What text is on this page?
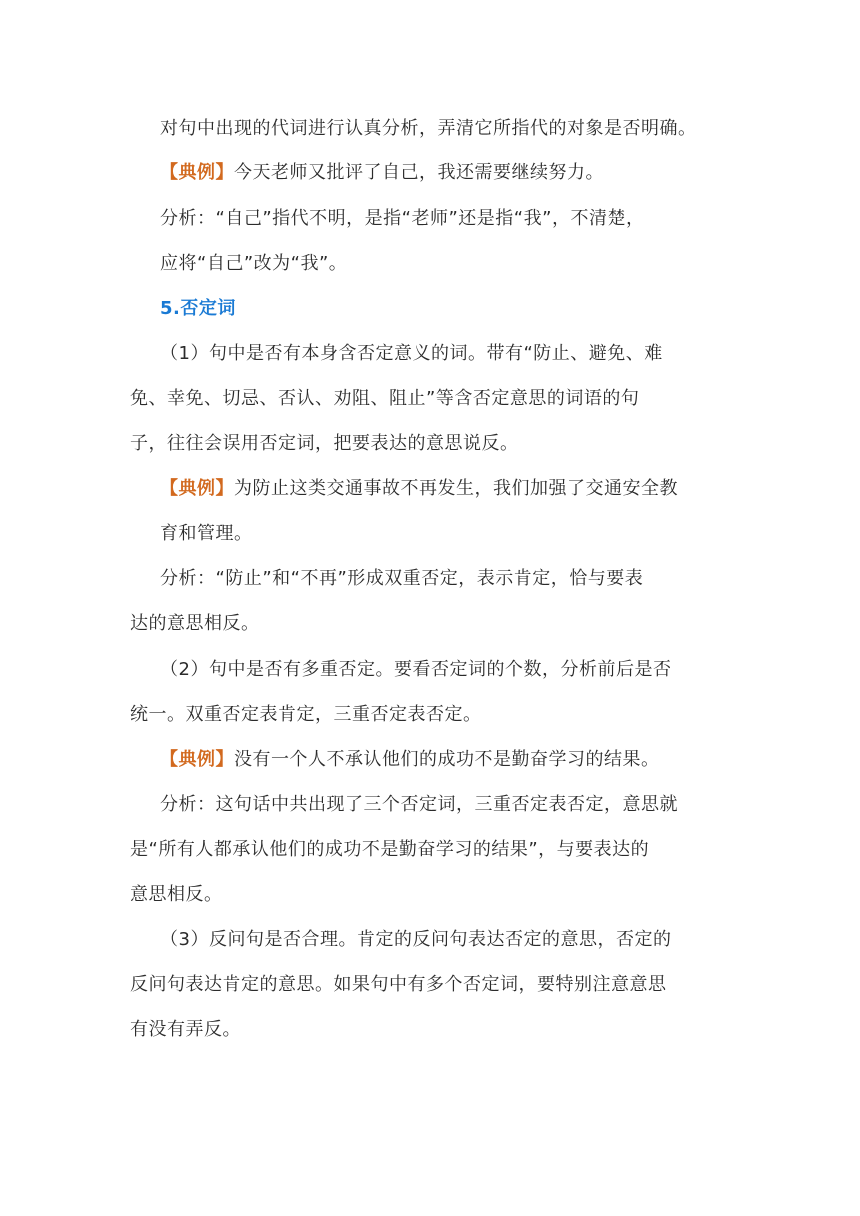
对句中出现的代词进行认真分析，弄清它所指代的对象是否明确。

【典例】今天老师又批评了自己，我还需要继续努力。

分析：“自己”指代不明，是指“老师”还是指“我”，不清楚，

应将“自己”改为“我”。

5.否定词

（1）句中是否有本身含否定意义的词。带有“防止、避免、难

免、幸免、切忌、否认、劝阻、阻止”等含否定意思的词语的句

子，往往会误用否定词，把要表达的意思说反。

【典例】为防止这类交通事故不再发生，我们加强了交通安全教

育和管理。

分析：“防止”和“不再”形成双重否定，表示肯定，恰与要表

达的意思相反。

（2）句中是否有多重否定。要看否定词的个数，分析前后是否

统一。双重否定表肯定，三重否定表否定。

【典例】没有一个人不承认他们的成功不是勤奋学习的结果。

分析：这句话中共出现了三个否定词，三重否定表否定，意思就

是“所有人都承认他们的成功不是勤奋学习的结果”，与要表达的

意思相反。

（3）反问句是否合理。肯定的反问句表达否定的意思，否定的

反问句表达肯定的意思。如果句中有多个否定词，要特别注意意思

有没有弄反。
